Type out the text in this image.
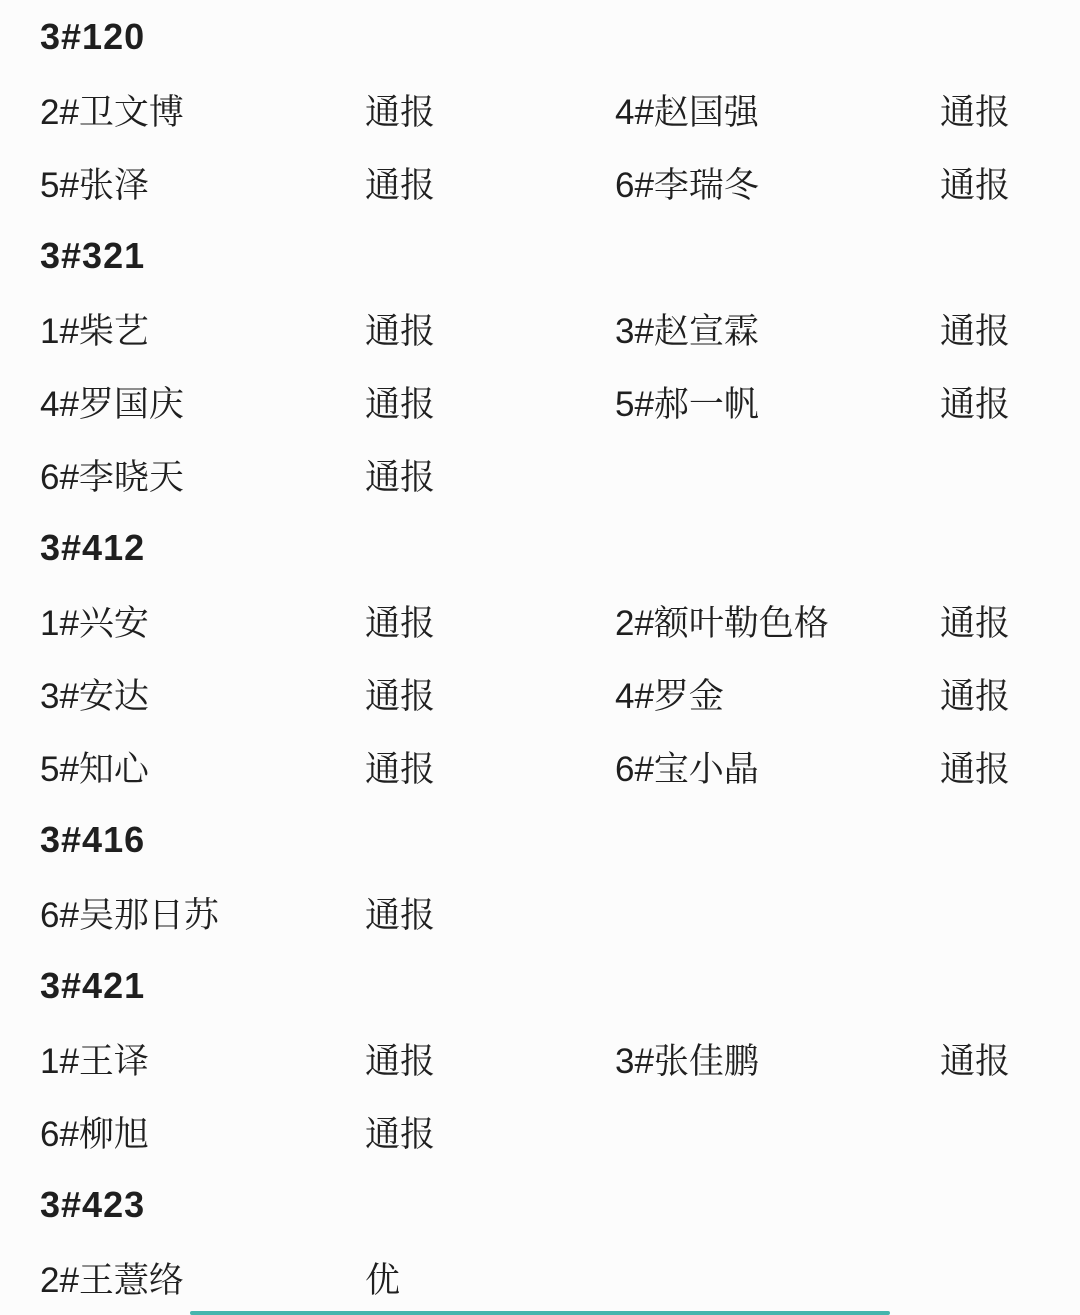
3#120
2#卫文博	通报	4#赵国强	通报
5#张泽	通报	6#李瑞冬	通报
3#321
1#柴艺	通报	3#赵宣霖	通报
4#罗国庆	通报	5#郝一帆	通报
6#李晓天	通报
3#412
1#兴安	通报	2#额叶勒色格	通报
3#安达	通报	4#罗金	通报
5#知心	通报	6#宝小晶	通报
3#416
6#吴那日苏	通报
3#421
1#王译	通报	3#张佳鹏	通报
6#柳旭	通报
3#423
2#王薏络	优
